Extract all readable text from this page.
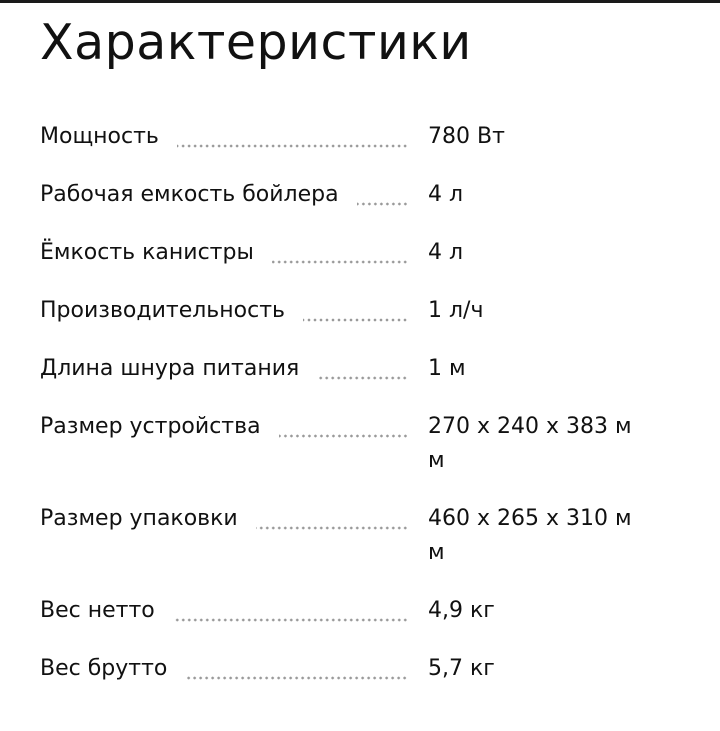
Характеристики
Мощность	780 Вт
Рабочая емкость бойлера	4 л
Ёмкость канистры	4 л
Производительность	1 л/ч
Длина шнура питания	1 м
Размер устройства	270 x 240 x 383 мм
Размер упаковки	460 x 265 x 310 мм
Вес нетто	4,9 кг
Вес брутто	5,7 кг
